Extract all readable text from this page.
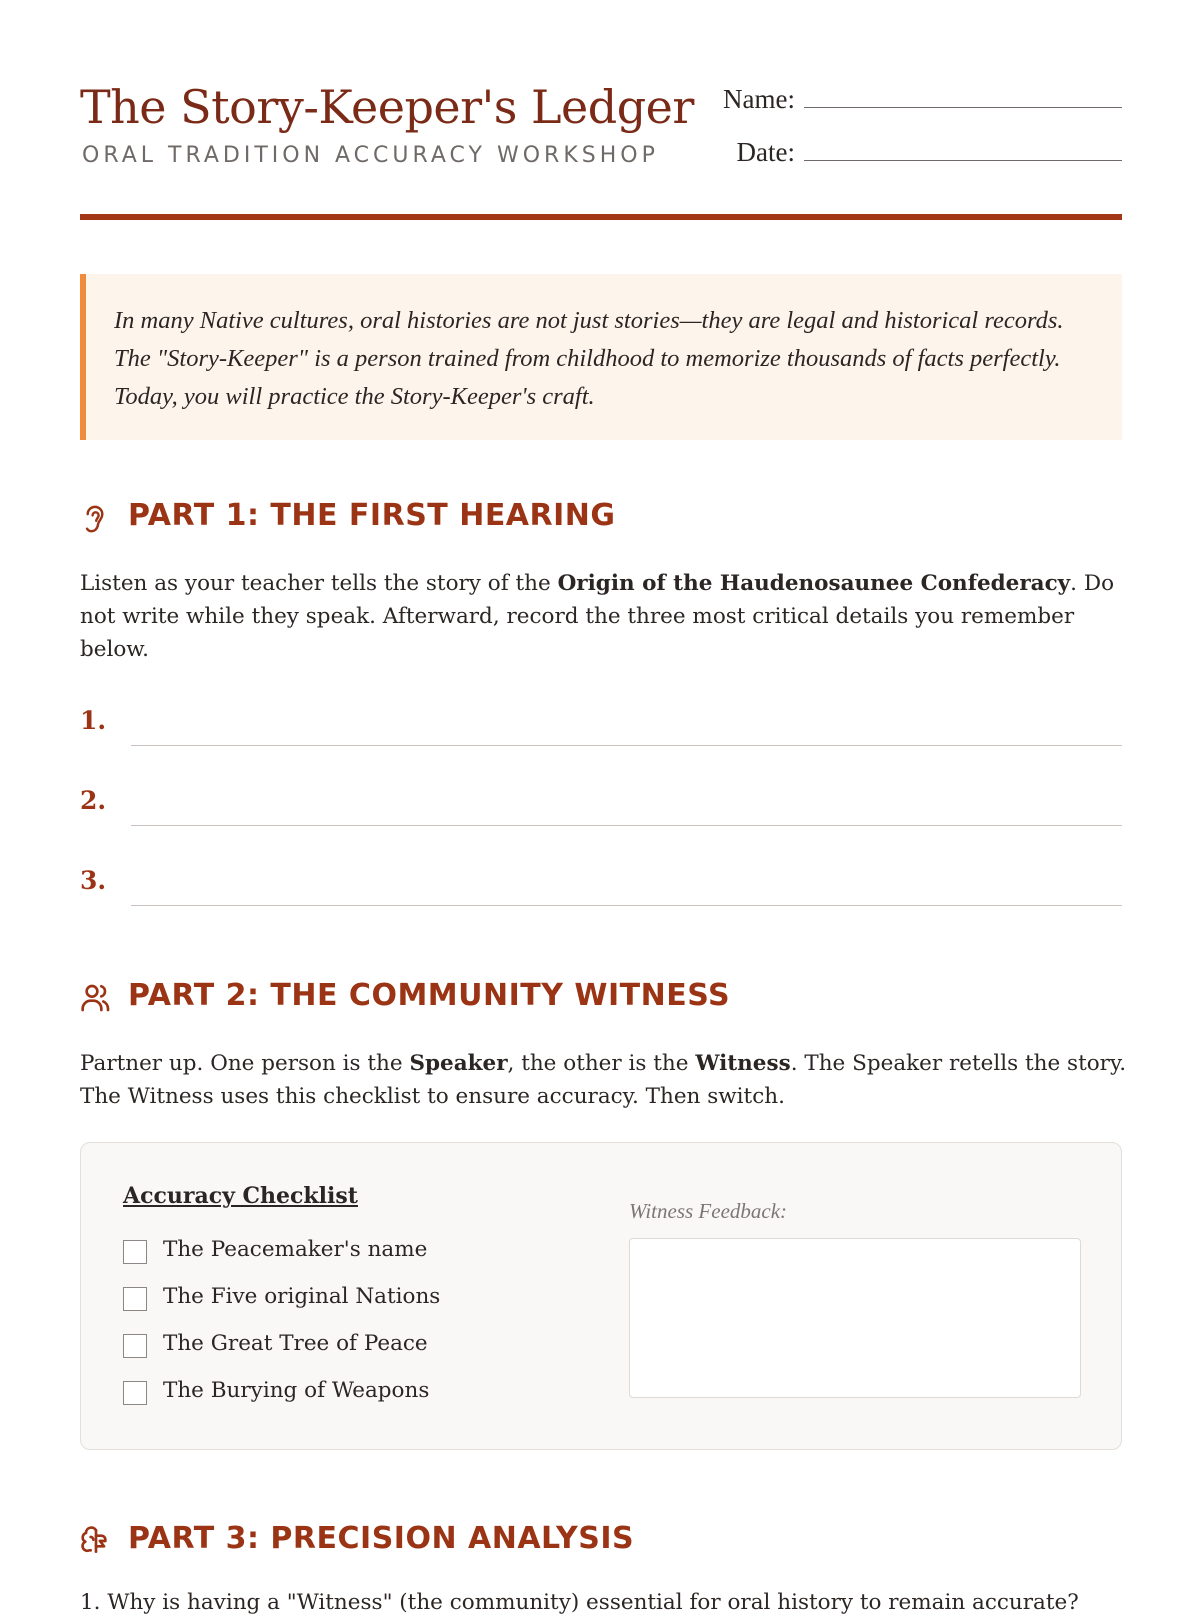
The Story-Keeper's Ledger
ORAL TRADITION ACCURACY WORKSHOP
Name:
Date:

In many Native cultures, oral histories are not just stories—they are legal and historical records. The "Story-Keeper" is a person trained from childhood to memorize thousands of facts perfectly. Today, you will practice the Story-Keeper's craft.

PART 1: THE FIRST HEARING

Listen as your teacher tells the story of the Origin of the Haudenosaunee Confederacy. Do not write while they speak. Afterward, record the three most critical details you remember below.

1.
2.
3.
PART 2: THE COMMUNITY WITNESS

Partner up. One person is the Speaker, the other is the Witness. The Speaker retells the story. The Witness uses this checklist to ensure accuracy. Then switch.

Accuracy Checklist
The Peacemaker's name
The Five original Nations
The Great Tree of Peace
The Burying of Weapons
Witness Feedback:
PART 3: PRECISION ANALYSIS
1. Why is having a "Witness" (the community) essential for oral history to remain accurate?
